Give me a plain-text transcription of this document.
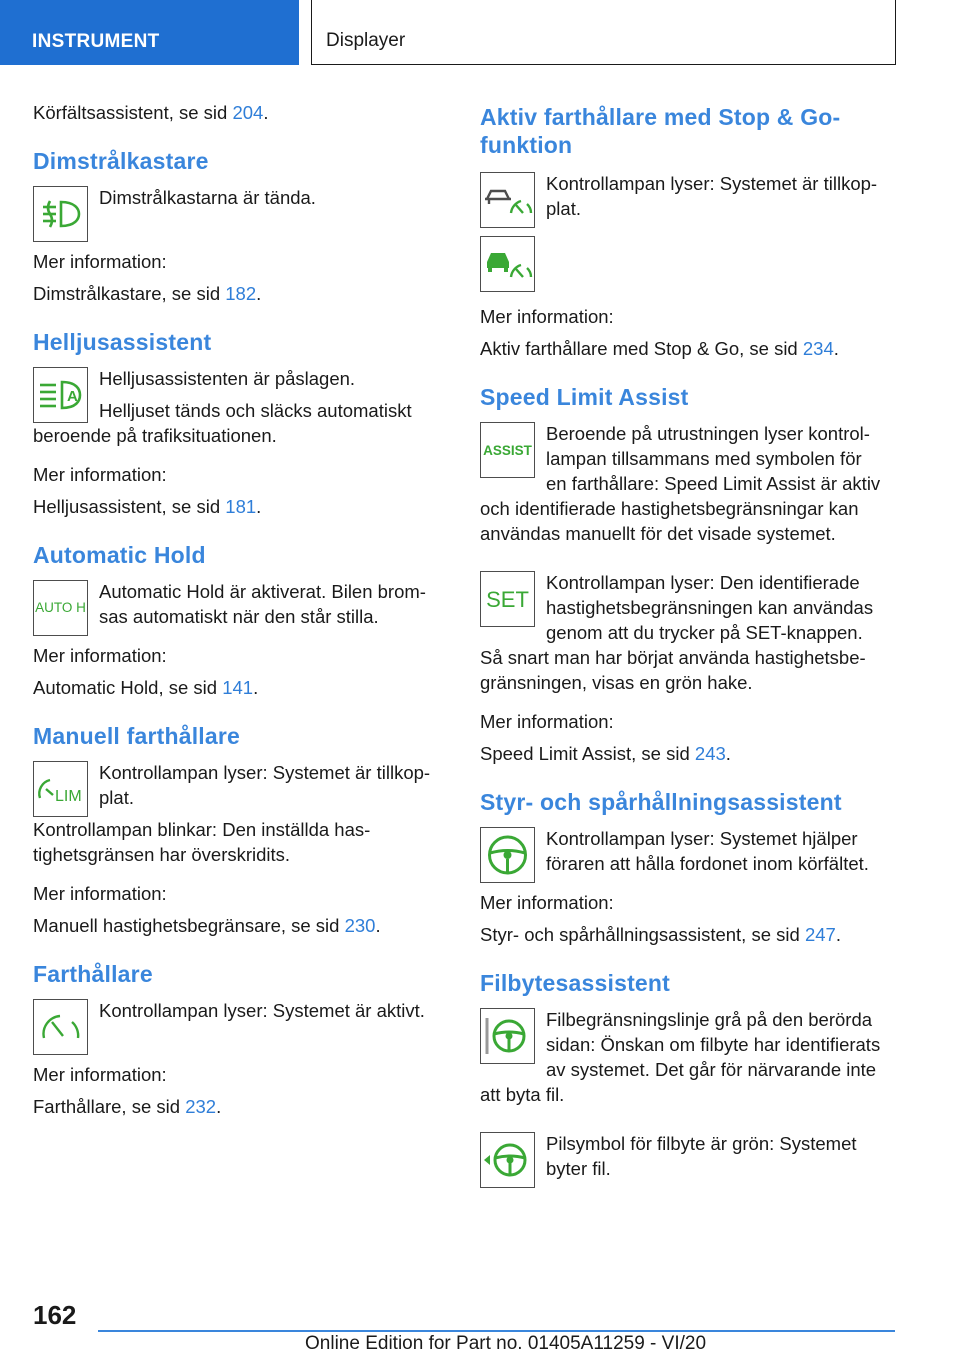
INSTRUMENT	Displayer

Körfältsassistent, se sid 204.

Dimstrålkastare

Dimstrålkastarna är tända.

Mer information:

Dimstrålkastare, se sid 182.

Helljusassistent
A

Helljusassistenten är påslagen.

Helljuset tänds och släcks automatiskt

beroende på trafiksituationen.

Mer information:

Helljusassistent, se sid 181.

Automatic Hold
AUTO H

Automatic Hold är aktiverat. Bilen brom‐

sas automatiskt när den står stilla.

Mer information:

Automatic Hold, se sid 141.

Manuell farthållare
LIM

Kontrollampan lyser: Systemet är tillkop‐

plat.

Kontrollampan blinkar: Den inställda has‐

tighetsgränsen har överskridits.

Mer information:

Manuell hastighetsbegränsare, se sid 230.

Farthållare

Kontrollampan lyser: Systemet är aktivt.

Mer information:

Farthållare, se sid 232.

Aktiv farthållare med Stop & Go-
funktion

Kontrollampan lyser: Systemet är tillkop‐

plat.

Mer information:

Aktiv farthållare med Stop & Go, se sid 234.

Speed Limit Assist
ASSIST

Beroende på utrustningen lyser kontrol‐

lampan tillsammans med symbolen för

en farthållare: Speed Limit Assist är aktiv

och identifierade hastighetsbegränsningar kan

användas manuellt för det visade systemet.

SET

Kontrollampan lyser: Den identifierade

hastighetsbegränsningen kan användas

genom att du trycker på SET-knappen.

Så snart man har börjat använda hastighetsbe‐

gränsningen, visas en grön hake.

Mer information:

Speed Limit Assist, se sid 243.

Styr- och spårhållningsassistent

Kontrollampan lyser: Systemet hjälper

föraren att hålla fordonet inom körfältet.

Mer information:

Styr- och spårhållningsassistent, se sid 247.

Filbytesassistent

Filbegränsningslinje grå på den berörda

sidan: Önskan om filbyte har identifierats

av systemet. Det går för närvarande inte

att byta fil.

Pilsymbol för filbyte är grön: Systemet

byter fil.

162
Online Edition for Part no. 01405A11259 - VI/20
